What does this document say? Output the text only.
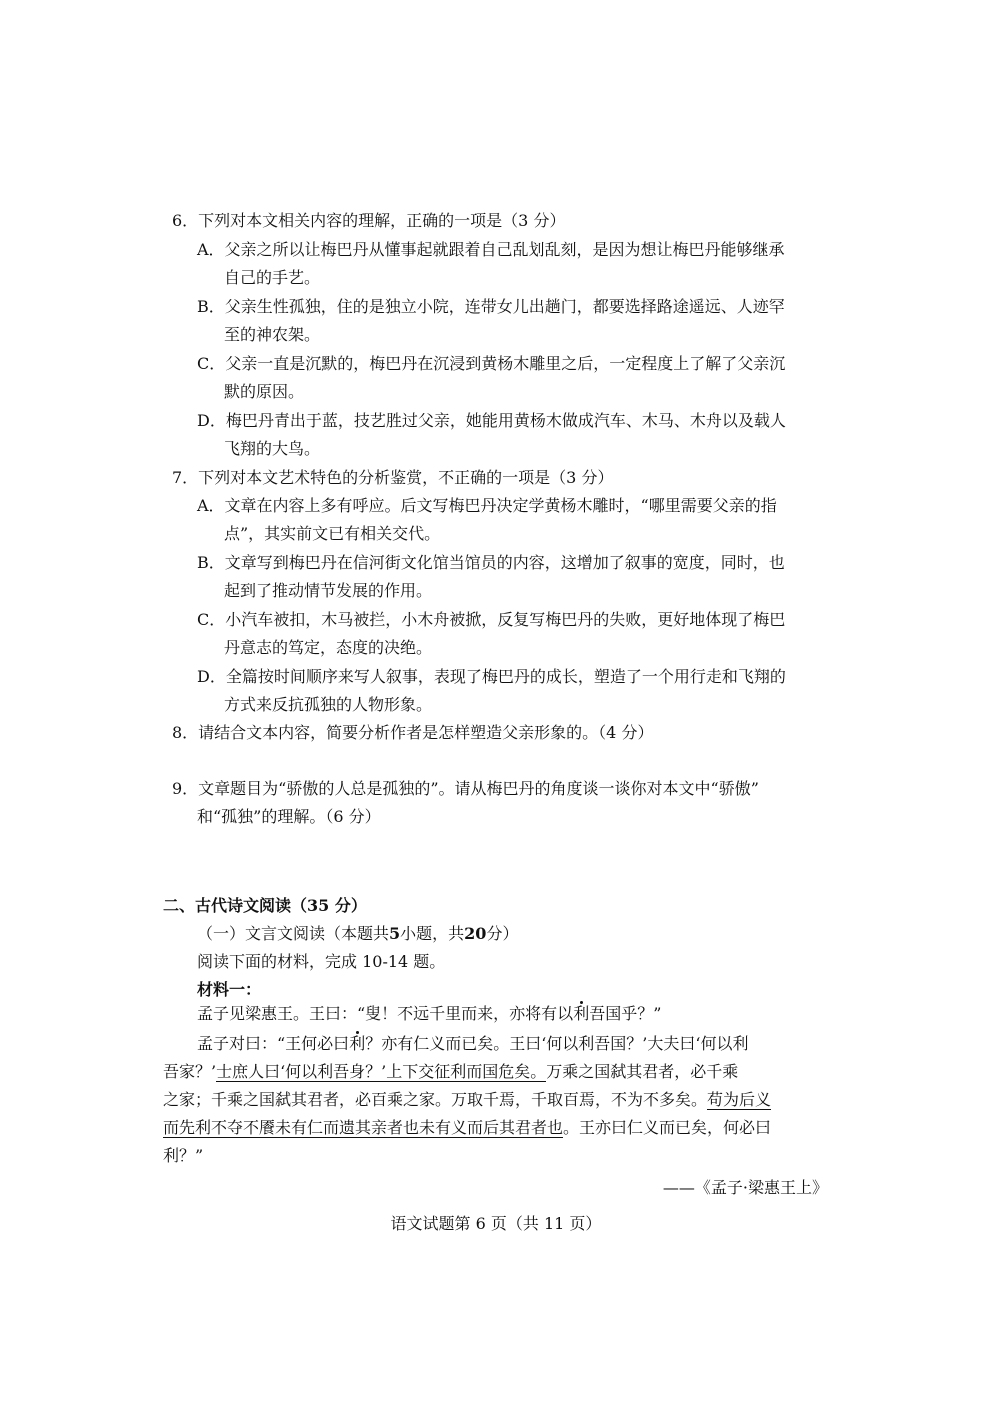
6．下列对本文相关内容的理解，正确的一项是（3 分）
A．父亲之所以让梅巴丹从懂事起就跟着自己乱划乱刻，是因为想让梅巴丹能够继承
自己的手艺。
B．父亲生性孤独，住的是独立小院，连带女儿出趟门，都要选择路途遥远、人迹罕
至的神农架。
C．父亲一直是沉默的，梅巴丹在沉浸到黄杨木雕里之后，一定程度上了解了父亲沉
默的原因。
D．梅巴丹青出于蓝，技艺胜过父亲，她能用黄杨木做成汽车、木马、木舟以及载人
飞翔的大鸟。
7．下列对本文艺术特色的分析鉴赏，不正确的一项是（3 分）
A．文章在内容上多有呼应。后文写梅巴丹决定学黄杨木雕时，“哪里需要父亲的指
点”，其实前文已有相关交代。
B．文章写到梅巴丹在信河街文化馆当馆员的内容，这增加了叙事的宽度，同时，也
起到了推动情节发展的作用。
C．小汽车被扣，木马被拦，小木舟被掀，反复写梅巴丹的失败，更好地体现了梅巴
丹意志的笃定，态度的决绝。
D．全篇按时间顺序来写人叙事，表现了梅巴丹的成长，塑造了一个用行走和飞翔的
方式来反抗孤独的人物形象。
8．请结合文本内容，简要分析作者是怎样塑造父亲形象的。（4 分）
9．文章题目为“骄傲的人总是孤独的”。请从梅巴丹的角度谈一谈你对本文中“骄傲”
和“孤独”的理解。（6 分）
二、古代诗文阅读（35 分）
（一）文言文阅读（本题共5小题，共20分）
阅读下面的材料，完成 10-14 题。
材料一：
孟子见梁惠王。王曰：“叟！不远千里而来，亦将有以利吾国乎？”
孟子对曰：“王何必曰利？亦有仁义而已矣。王曰‘何以利吾国？’大夫曰‘何以利
吾家？’士庶人曰‘何以利吾身？’上下交征利而国危矣。万乘之国弑其君者，必千乘
之家；千乘之国弑其君者，必百乘之家。万取千焉，千取百焉，不为不多矣。苟为后义
而先利不夺不餍未有仁而遗其亲者也未有义而后其君者也。王亦曰仁义而已矣，何必曰
利？”
——《孟子·梁惠王上》
语文试题第 6 页（共 11 页）
